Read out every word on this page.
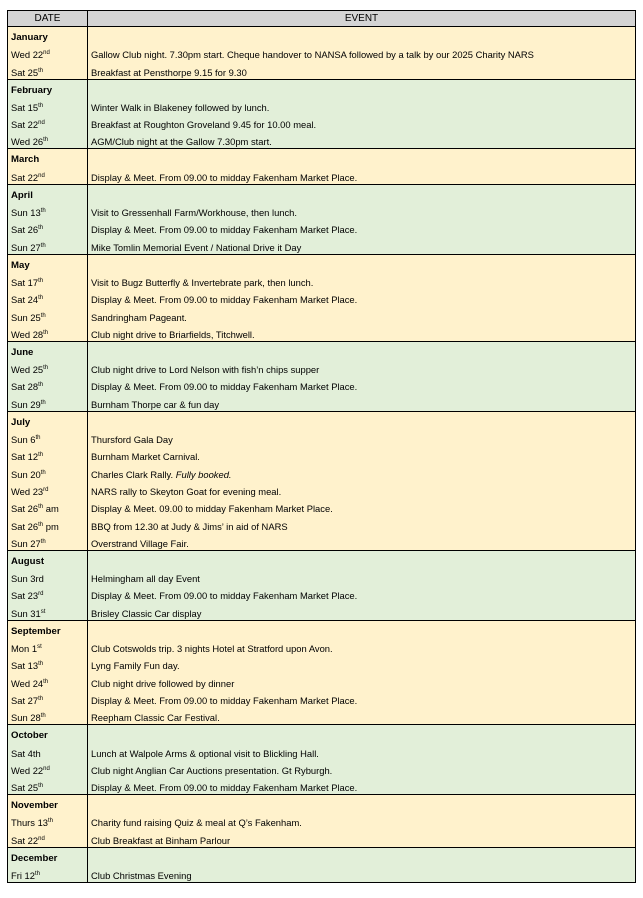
DATE	EVENT
January	
Wed 22nd	Gallow Club night. 7.30pm start. Cheque handover to NANSA followed by a talk by our 2025 Charity NARS
Sat 25th	Breakfast at Pensthorpe 9.15 for 9.30
February	
Sat 15th	Winter Walk in Blakeney followed by lunch.
Sat 22nd	Breakfast at Roughton Groveland 9.45 for 10.00 meal.
Wed 26th	AGM/Club night at the Gallow 7.30pm start.
March	
Sat 22nd	Display & Meet. From 09.00 to midday Fakenham Market Place.
April	
Sun 13th	Visit to Gressenhall Farm/Workhouse, then lunch.
Sat 26th	Display & Meet. From 09.00 to midday Fakenham Market Place.
Sun 27th	Mike Tomlin Memorial Event / National Drive it Day
May	
Sat 17th	Visit to Bugz Butterfly & Invertebrate park, then lunch.
Sat 24th	Display & Meet. From 09.00 to midday Fakenham Market Place.
Sun 25th	Sandringham Pageant.
Wed 28th	Club night drive to Briarfields, Titchwell.
June	
Wed 25th	Club night drive to Lord Nelson with fish’n chips supper
Sat 28th	Display & Meet. From 09.00 to midday Fakenham Market Place.
Sun 29th	Burnham Thorpe car & fun day
July	
Sun 6th	Thursford Gala Day
Sat 12th	Burnham Market Carnival.
Sun 20th	Charles Clark Rally. Fully booked.
Wed 23rd	NARS rally to Skeyton Goat for evening meal.
Sat 26th am	Display & Meet. 09.00 to midday Fakenham Market Place.
Sat 26th pm	BBQ from 12.30 at Judy & Jims’ in aid of NARS
Sun 27th	Overstrand Village Fair.
August	
Sun 3rd	Helmingham all day Event
Sat 23rd	Display & Meet. From 09.00 to midday Fakenham Market Place.
Sun 31st	Brisley Classic Car display
September	
Mon 1st	Club Cotswolds trip. 3 nights Hotel at Stratford upon Avon.
Sat 13th	Lyng Family Fun day.
Wed 24th	Club night drive followed by dinner
Sat 27th	Display & Meet. From 09.00 to midday Fakenham Market Place.
Sun 28th	Reepham Classic Car Festival.
October	
Sat 4th	Lunch at Walpole Arms & optional visit to Blickling Hall.
Wed 22nd	Club night Anglian Car Auctions presentation. Gt Ryburgh.
Sat 25th	Display & Meet. From 09.00 to midday Fakenham Market Place.
November	
Thurs 13th	Charity fund raising Quiz & meal at Q’s Fakenham.
Sat 22nd	Club Breakfast at Binham Parlour
December	
Fri 12th	Club Christmas Evening
